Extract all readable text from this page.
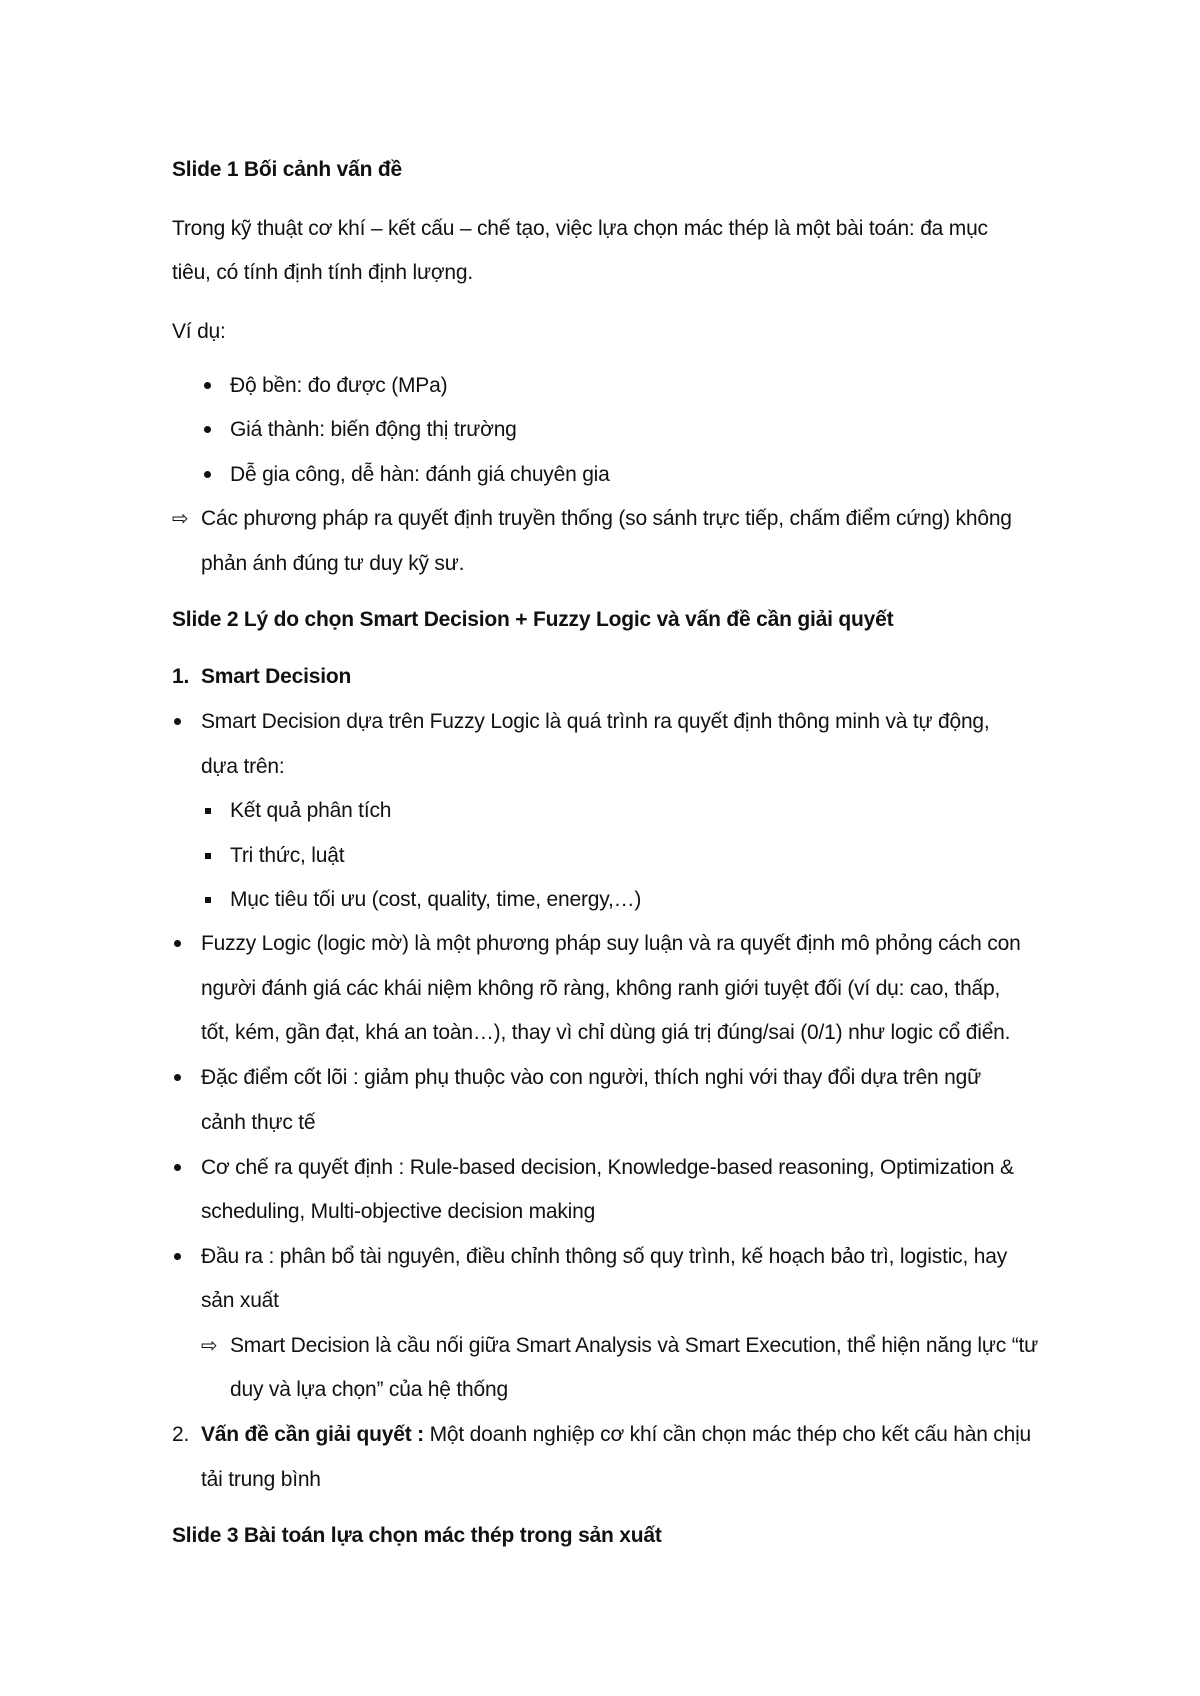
Slide 1 Bối cảnh vấn đề
Trong kỹ thuật cơ khí – kết cấu – chế tạo, việc lựa chọn mác thép là một bài toán: đa mục
tiêu, có tính định tính định lượng.
Ví dụ:
Độ bền: đo được (MPa)
Giá thành: biến động thị trường
Dễ gia công, dễ hàn: đánh giá chuyên gia
⇨ Các phương pháp ra quyết định truyền thống (so sánh trực tiếp, chấm điểm cứng) không
phản ánh đúng tư duy kỹ sư.
Slide 2 Lý do chọn Smart Decision + Fuzzy Logic và vấn đề cần giải quyết
1. Smart Decision
Smart Decision dựa trên Fuzzy Logic là quá trình ra quyết định thông minh và tự động,
dựa trên:
Kết quả phân tích
Tri thức, luật
Mục tiêu tối ưu (cost, quality, time, energy,…)
Fuzzy Logic (logic mờ) là một phương pháp suy luận và ra quyết định mô phỏng cách con
người đánh giá các khái niệm không rõ ràng, không ranh giới tuyệt đối (ví dụ: cao, thấp,
tốt, kém, gần đạt, khá an toàn…), thay vì chỉ dùng giá trị đúng/sai (0/1) như logic cổ điển.
Đặc điểm cốt lõi : giảm phụ thuộc vào con người, thích nghi với thay đổi dựa trên ngữ
cảnh thực tế
Cơ chế ra quyết định : Rule-based decision, Knowledge-based reasoning, Optimization &
scheduling, Multi-objective decision making
Đầu ra : phân bổ tài nguyên, điều chỉnh thông số quy trình, kế hoạch bảo trì, logistic, hay
sản xuất
⇨ Smart Decision là cầu nối giữa Smart Analysis và Smart Execution, thể hiện năng lực “tư
duy và lựa chọn” của hệ thống
2. Vấn đề cần giải quyết : Một doanh nghiệp cơ khí cần chọn mác thép cho kết cấu hàn chịu
tải trung bình
Slide 3 Bài toán lựa chọn mác thép trong sản xuất
